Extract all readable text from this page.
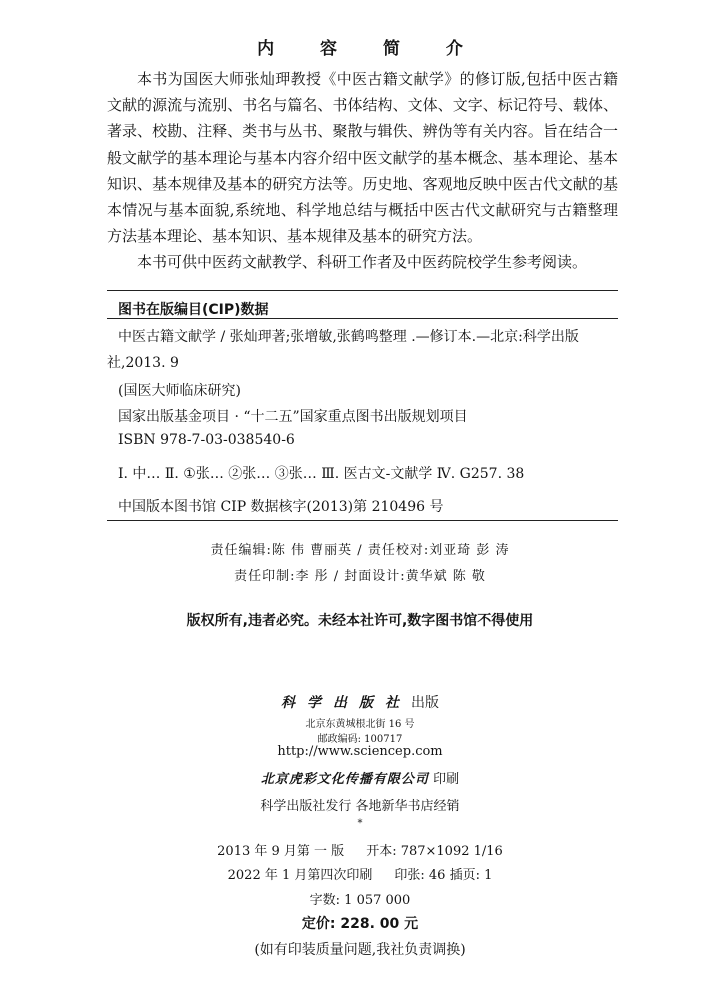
内 容 简 介

本书为国医大师张灿玾教授《中医古籍文献学》的修订版,包括中医古籍文献的源流与流别、书名与篇名、书体结构、文体、文字、标记符号、载体、著录、校勘、注释、类书与丛书、聚散与辑佚、辨伪等有关内容。旨在结合一般文献学的基本理论与基本内容介绍中医文献学的基本概念、基本理论、基本知识、基本规律及基本的研究方法等。历史地、客观地反映中医古代文献的基本情况与基本面貌,系统地、科学地总结与概括中医古代文献研究与古籍整理方法基本理论、基本知识、基本规律及基本的研究方法。

本书可供中医药文献教学、科研工作者及中医药院校学生参考阅读。

图书在版编目(CIP)数据
中医古籍文献学 / 张灿玾著;张增敏,张鹤鸣整理 .—修订本.—北京:科学出版社,2013. 9
(国医大师临床研究)
国家出版基金项目 · “十二五”国家重点图书出版规划项目
ISBN 978-7-03-038540-6
Ⅰ. 中… Ⅱ. ①张… ②张… ③张… Ⅲ. 医古文-文献学 Ⅳ. G257. 38
中国版本图书馆 CIP 数据核字(2013)第 210496 号
责任编辑:陈 伟 曹丽英 / 责任校对:刘亚琦 彭 涛
责任印制:李 彤 / 封面设计:黄华斌 陈 敬
版权所有,违者必究。未经本社许可,数字图书馆不得使用
科学出版社出版
北京东黄城根北街 16 号
邮政编码: 100717
http://www.sciencep.com
北京虎彩文化传播有限公司 印刷
科学出版社发行 各地新华书店经销
*
2013 年 9 月第 一 版 开本: 787×1092 1/16
2022 年 1 月第四次印刷 印张: 46 插页: 1
字数: 1 057 000
定价: 228. 00 元
(如有印装质量问题,我社负责调换)
